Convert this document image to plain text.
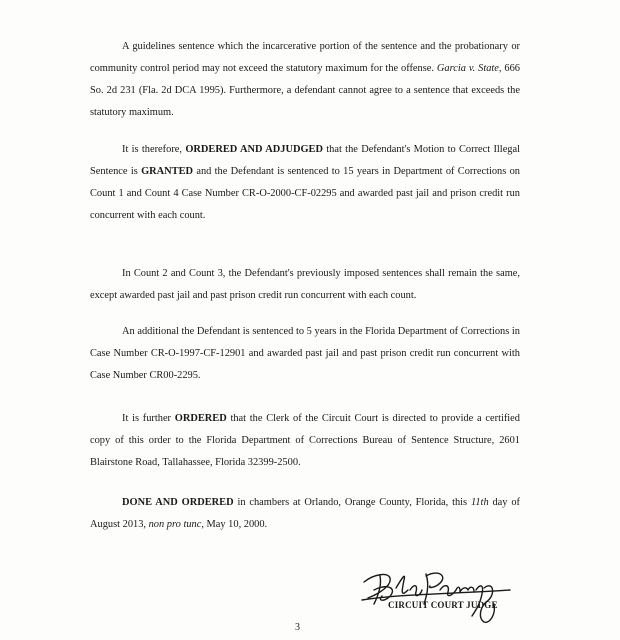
A guidelines sentence which the incarcerative portion of the sentence and the probationary or community control period may not exceed the statutory maximum for the offense. Garcia v. State, 666 So. 2d 231 (Fla. 2d DCA 1995). Furthermore, a defendant cannot agree to a sentence that exceeds the statutory maximum.

It is therefore, ORDERED AND ADJUDGED that the Defendant's Motion to Correct Illegal Sentence is GRANTED and the Defendant is sentenced to 15 years in Department of Corrections on Count 1 and Count 4 Case Number CR-O-2000-CF-02295 and awarded past jail and prison credit run concurrent with each count.

In Count 2 and Count 3, the Defendant's previously imposed sentences shall remain the same, except awarded past jail and past prison credit run concurrent with each count.

An additional the Defendant is sentenced to 5 years in the Florida Department of Corrections in Case Number CR-O-1997-CF-12901 and awarded past jail and past prison credit run concurrent with Case Number CR00-2295.

It is further ORDERED that the Clerk of the Circuit Court is directed to provide a certified copy of this order to the Florida Department of Corrections Bureau of Sentence Structure, 2601 Blairstone Road, Tallahassee, Florida 32399-2500.

DONE AND ORDERED in chambers at Orlando, Orange County, Florida, this 11th day of August 2013, non pro tunc, May 10, 2000.

CIRCUIT COURT JUDGE
3
